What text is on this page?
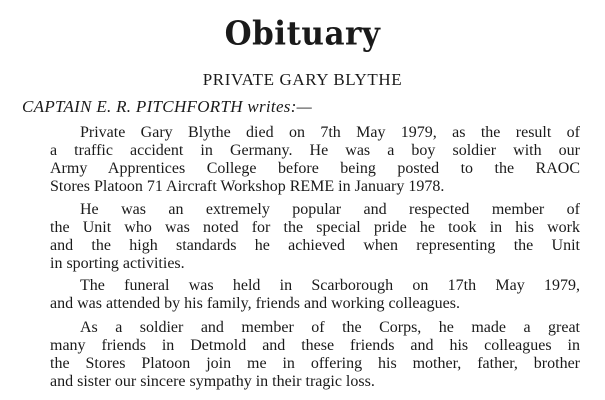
Obituary
PRIVATE GARY BLYTHE
CAPTAIN E. R. PITCHFORTH writes:—
Private Gary Blythe died on 7th May 1979, as the result of
a traffic accident in Germany. He was a boy soldier with our
Army Apprentices College before being posted to the RAOC
Stores Platoon 71 Aircraft Workshop REME in January 1978.
He was an extremely popular and respected member of
the Unit who was noted for the special pride he took in his work
and the high standards he achieved when representing the Unit
in sporting activities.
The funeral was held in Scarborough on 17th May 1979,
and was attended by his family, friends and working colleagues.
As a soldier and member of the Corps, he made a great
many friends in Detmold and these friends and his colleagues in
the Stores Platoon join me in offering his mother, father, brother
and sister our sincere sympathy in their tragic loss.
